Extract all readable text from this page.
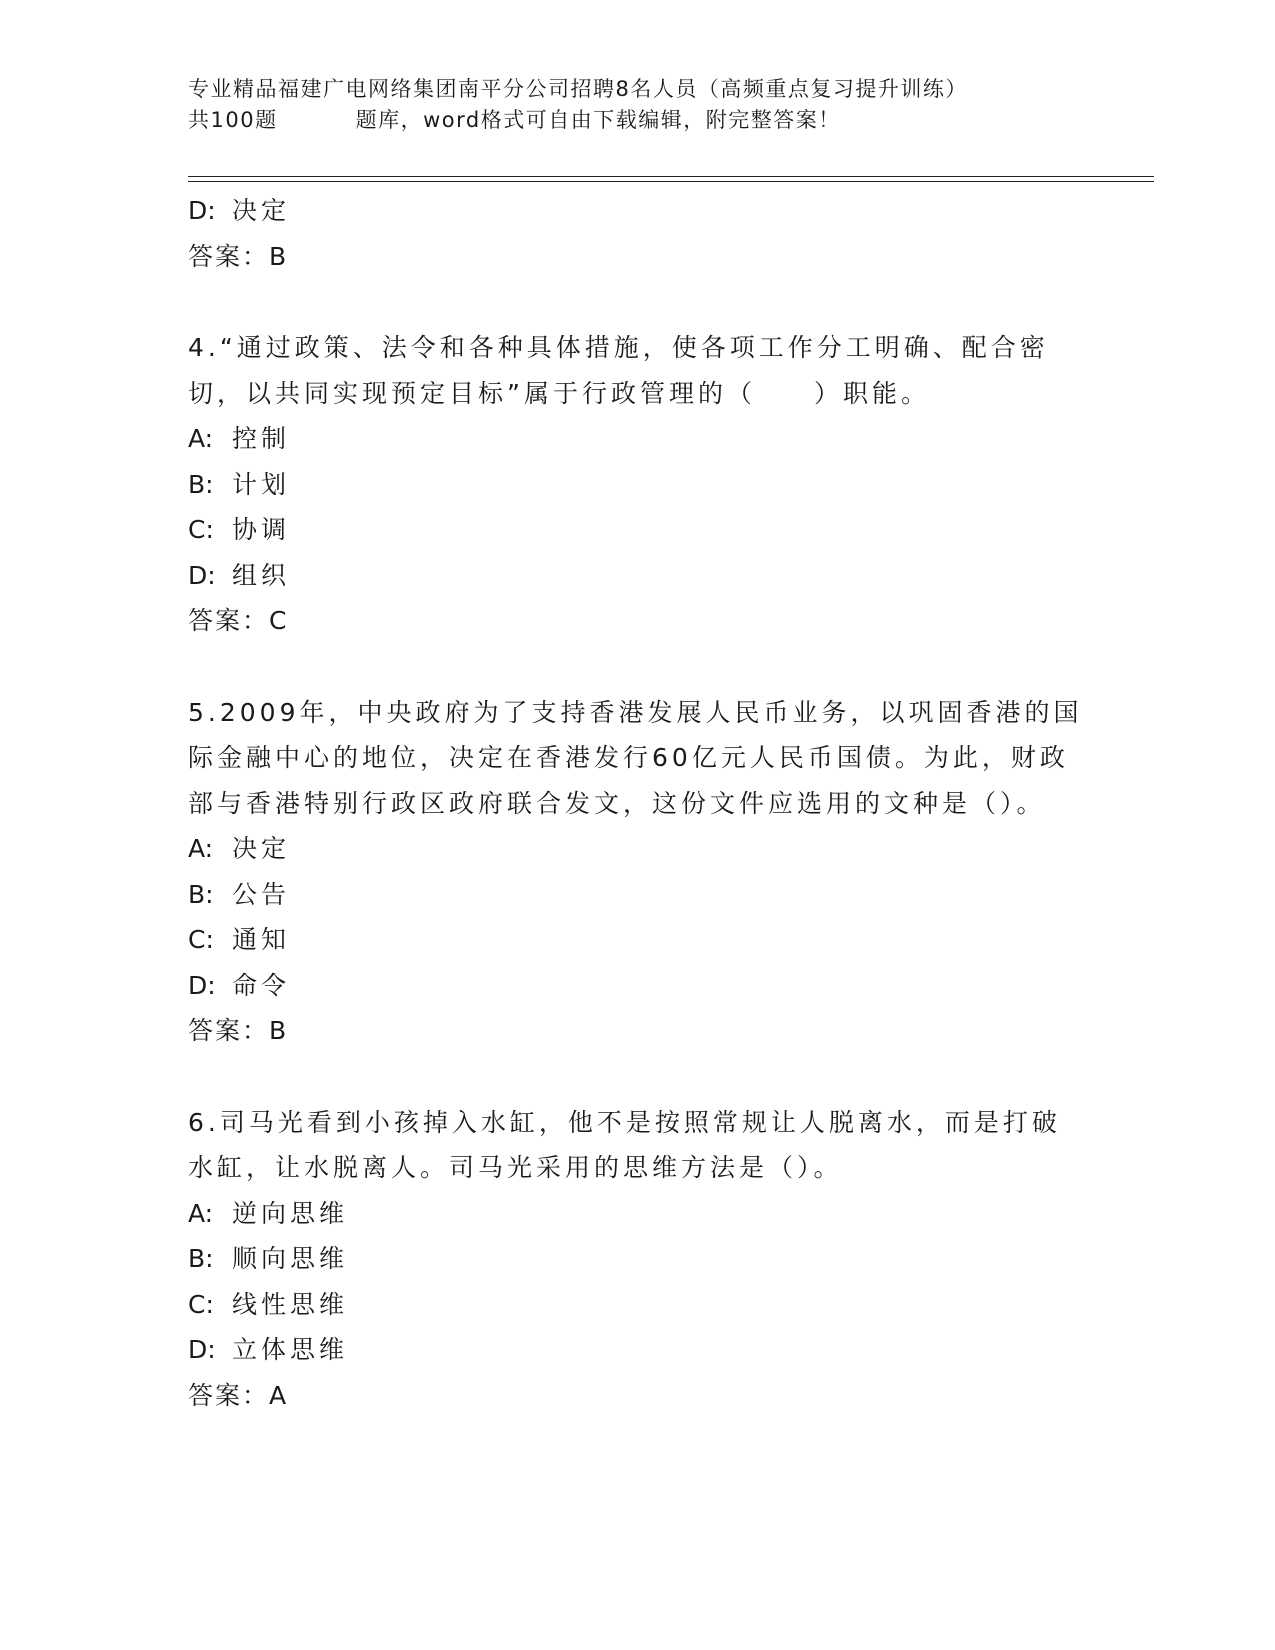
专业精品福建广电网络集团南平分公司招聘8名人员（高频重点复习提升训练）
共100题	题库，word格式可自由下载编辑，附完整答案！
D: 决定
答案：B
4.“通过政策、法令和各种具体措施，使各项工作分工明确、配合密
切，以共同实现预定目标”属于行政管理的（　　）职能。
A: 控制
B: 计划
C: 协调
D: 组织
答案：C
5.2009年，中央政府为了支持香港发展人民币业务，以巩固香港的国
际金融中心的地位，决定在香港发行60亿元人民币国债。为此，财政
部与香港特别行政区政府联合发文，这份文件应选用的文种是（）。
A: 决定
B: 公告
C: 通知
D: 命令
答案：B
6.司马光看到小孩掉入水缸，他不是按照常规让人脱离水，而是打破
水缸，让水脱离人。司马光采用的思维方法是（）。
A: 逆向思维
B: 顺向思维
C: 线性思维
D: 立体思维
答案：A
